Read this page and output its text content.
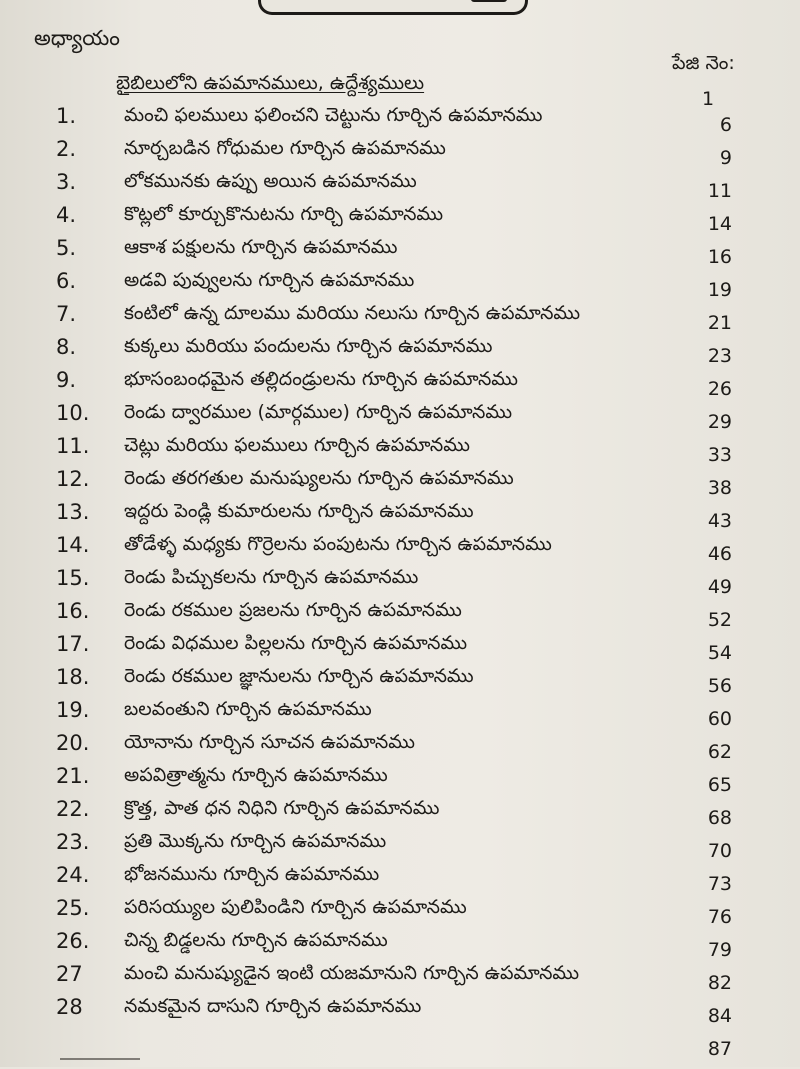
అధ్యాయం
పేజి నెం:
బైబిలులోని ఉపమానములు, ఉద్దేశ్యములు
1
1.	మంచి ఫలములు ఫలించని చెట్టును గూర్చిన ఉపమానము	6
2.	నూర్చబడిన గోధుమల గూర్చిన ఉపమానము	9
3.	లోకమునకు ఉప్పు అయిన ఉపమానము	11
4.	కొట్లలో కూర్చుకొనుటను గూర్చి ఉపమానము	14
5.	ఆకాశ పక్షులను గూర్చిన ఉపమానము	16
6.	అడవి పువ్వులను గూర్చిన ఉపమానము	19
7.	కంటిలో ఉన్న దూలము మరియు నలుసు గూర్చిన ఉపమానము	21
8.	కుక్కలు మరియు పందులను గూర్చిన ఉపమానము	23
9.	భూసంబంధమైన తల్లిదండ్రులను గూర్చిన ఉపమానము	26
10. రెండు ద్వారముల (మార్గముల) గూర్చిన ఉపమానము	29
11. చెట్లు మరియు ఫలములు గూర్చిన ఉపమానము	33
12. రెండు తరగతుల మనుష్యులను గూర్చిన ఉపమానము	38
13. ఇద్దరు పెండ్లి కుమారులను గూర్చిన ఉపమానము	43
14. తోడేళ్ళ మధ్యకు గొర్రెలను పంపుటను గూర్చిన ఉపమానము	46
15. రెండు పిచ్చుకలను గూర్చిన ఉపమానము	49
16. రెండు రకముల ప్రజలను గూర్చిన ఉపమానము	52
17. రెండు విధముల పిల్లలను గూర్చిన ఉపమానము	54
18. రెండు రకముల జ్ఞానులను గూర్చిన ఉపమానము	56
19. బలవంతుని గూర్చిన ఉపమానము	60
20. యోనాను గూర్చిన సూచన ఉపమానము	62
21. అపవిత్రాత్మను గూర్చిన ఉపమానము	65
22. క్రొత్త, పాత ధన నిధిని గూర్చిన ఉపమానము	68
23. ప్రతి మొక్కను గూర్చిన ఉపమానము	70
24. భోజనమును గూర్చిన ఉపమానము	73
25. పరిసయ్యుల పులిపిండిని గూర్చిన ఉపమానము	76
26. చిన్న బిడ్డలను గూర్చిన ఉపమానము	79
27 మంచి మనుష్యుడైన ఇంటి యజమానుని గూర్చిన ఉపమానము	82
28 నమకమైన దాసుని గూర్చిన ఉపమానము	84
87
